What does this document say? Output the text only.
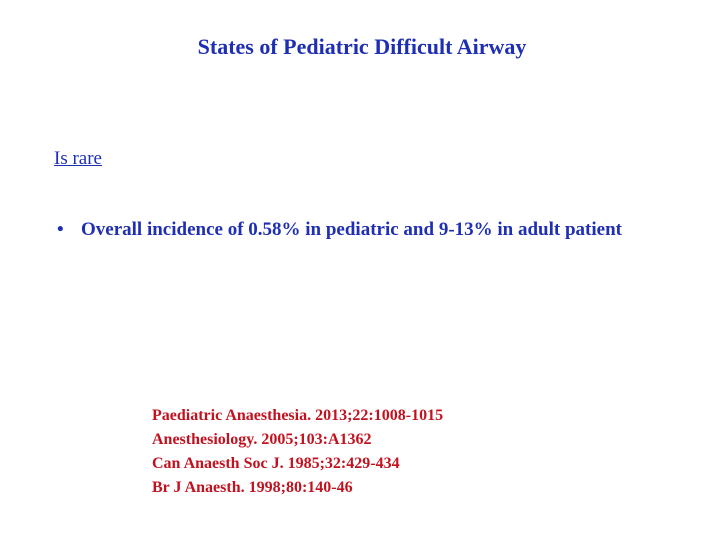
States of Pediatric Difficult Airway
Is rare
• Overall incidence of 0.58% in pediatric and 9-13% in adult patient
Paediatric Anaesthesia. 2013;22:1008-1015
Anesthesiology. 2005;103:A1362
Can Anaesth Soc J. 1985;32:429-434
Br J Anaesth. 1998;80:140-46
